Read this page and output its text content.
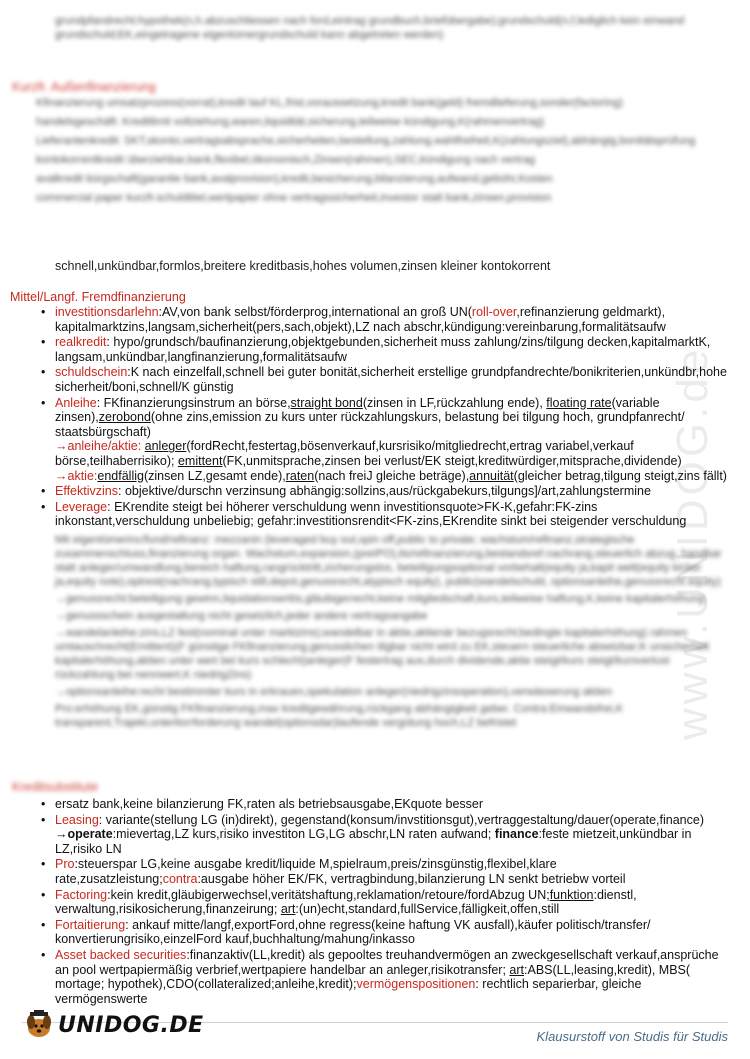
www.UNIDOG.de
grundpfandrecht:hypothek(n,h.abzuschliessen nach ford,eintrag grundbuch,briefübergabe);grundschuld(n,f,lediglich kein einwand grundschuld;EK,eingetragene eigentümergrundschuld kann abgetreten werden)
Kurzfr. Außenfinanzierung
Kfinanzierung umsatzprozess(vorrat),kredit lauf KL,frist,voraussetzung,kredit bank(geld) fremdlieferung,sonder(factoring)
handelsgeschäft: Kreditlimit vollziehung,waren,liquidität,sicherung,teilweise kündigung,K(rahmenvertrag)
Lieferantenkredit: SKT,skonto,vertragsabsprache,sicherheiten,bestellung,zahlung,wahlfreiheit,K(zahlungsziel),abhängig,bonitätsprüfung
kontokorrentkredit überziehbar,bank,flexibel,ökonomisch,Zinsen(rahmen),SEC,kündigung nach vertrag
avalkredit bürgschaft(garantie bank,avalprovision),kredit,besicherung,bilanzierung,aufwand,gebühr,Kosten
commercial paper kurzfr.schuldtitel,wertpapier ohne vertragssicherheit,investor statt bank,zinsen,provision
schnell,unkündbar,formlos,breitere kreditbasis,hohes volumen,zinsen kleiner kontokorrent
Mittel/Langf. Fremdfinanzierung
• investitionsdarlehn:AV,von bank selbst/förderprog,international an groß UN(roll-over,refinanzierung geldmarkt), kapitalmarktzins,langsam,sicherheit(pers,sach,objekt),LZ nach abschr,kündigung:vereinbarung,formalitätsaufw
• realkredit: hypo/grundsch/baufinanzierung,objektgebunden,sicherheit muss zahlung/zins/tilgung decken,kapitalmarktK, langsam,unkündbar,langfinanzierung,formalitätsaufw
• schuldschein:K nach einzelfall,schnell bei guter bonität,sicherheit erstellige grundpfandrechte/bonikriterien,unkündbr,hohe sicherheit/boni,schnell/K günstig
• Anleihe: FKfinanzierungsinstrum an börse,straight bond(zinsen in LF,rückzahlung ende), floating rate(variable zinsen),zerobond(ohne zins,emission zu kurs unter rückzahlungskurs, belastung bei tilgung hoch, grundpfanrecht/ staatsbürgschaft)
→anleihe/aktie: anleger(fordRecht,festertag,bösenverkauf,kursrisiko/mitgliedrecht,ertrag variabel,verkauf börse,teilhaberrisiko); emittent(FK,unmitsprache,zinsen bei verlust/EK steigt,kreditwürdiger,mitsprache,dividende)
→aktie:endfällig(zinsen LZ,gesamt ende),raten(nach freiJ gleiche beträge),annuität(gleicher betrag,tilgung steigt,zins fällt)
• Effektivzins: objektive/durschn verzinsung abhängig:sollzins,aus/rückgabekurs,tilgungs]/art,zahlungstermine
• Leverage: EKrendite steigt bei höherer verschuldung wenn investitionsquote>FK-K,gefahr:FK-zins inkonstant,verschuldung unbeliebig; gefahr:investitionsrendit<FK-zins,EKrendite sinkt bei steigender verschuldung
Mit eigentümerinc/fund/refinanz: mezzanin (leveraged buy out,spin off,public to private; wachstum/refinanz,strategische zusammenschluss,finanzierung organ. Wachstum,expansion,(preIPO),its/refinanzierung,bestandsref.nachrang,steuerlich abzug, handbar statt anleger/umwandlung,bereich haftung,rangrücktritt,zicherungslos, beteiligungsoptional vorbehalt(equity ja,kapit welt(equity kicker ja,equity note),optrest(nachrang,typisch still,depot,genussrecht,atypisch equity), public(wandelschuld, optionsanleihe,genussrecht equity)
→genussrecht:beteiligung gewinn,liquidationserlös,gläubigerrecht,keine mitgliedschaft,kurs,teilweise haftung,K,keine kapitalerhöhung
→genussschein ausgestaltung nicht gesetzlich,jeder andere vertragsangabe
→wandelanleihe:zins,LZ fest(nominal unter marktzins);wandelbar in aktie,aktienär bezugsrecht;bedingte kapitalerhöhung) rahmen umtauschrecht(Emittent)(F günstige FKfinanzierung,genusslichen tilgbar nicht wird zu EK,steuern steuerliche absetzbar;K unsicherheit kapitalerhöhung,aktien unter wert bei kurs schlecht)anleger(F festertrag aus,durch dividende,aktie steigt/kurs steigt/kursverlust rückzahlung bei nennwert,K niedrigZins)
→optionsanleihe:recht bestimmter kurs in erkrauen,spekulation anleger(niedrigzinsoperation),verwässerung aktien
Pro:erhöhung EK,günstig FKfinanzierung,max kreditgewährung,rückgang abhängigkeit geber. Contra:Einwandsfrei,K transparent,Trajekt,unterliorrforderung wandel(optionsdar)laufende vergütung hoch,LZ befristet
Kreditsubstitute
• ersatz bank,keine bilanzierung FK,raten als betriebsausgabe,EKquote besser
• Leasing: variante(stellung LG (in)direkt), gegenstand(konsum/invstitionsgut),vertraggestaltung/dauer(operate,finance)
→operate:mievertag,LZ kurs,risiko investiton LG,LG abschr,LN raten aufwand; finance:feste mietzeit,unkündbar in LZ,risiko LN
• Pro:steuerspar LG,keine ausgabe kredit/liquide M,spielraum,preis/zinsgünstig,flexibel,klare rate,zusatzleistung;contra:ausgabe höher EK/FK, vertragbindung,bilanzierung LN senkt betriebw vorteil
• Factoring:kein kredit,gläubigerwechsel,veritätshaftung,reklamation/retoure/fordAbzug UN;funktion:dienstl, verwaltung,risikosicherung,finanzeirung; art:(un)echt,standard,fullService,fälligkeit,offen,still
• Fortaitierung: ankauf mitte/langf,exportFord,ohne regress(keine haftung VK ausfall),käufer politisch/transfer/ konvertierungrisiko,einzelFord kauf,buchhaltung/mahung/inkasso
• Asset backed securities:finanzaktiv(LL,kredit) als gepooltes treuhandvermögen an zweckgesellschaft verkauf,ansprüche an pool wertpapiermäßig verbrief,wertpapiere handelbar an anleger,risikotransfer; art:ABS(LL,leasing,kredit), MBS( mortage; hypothek),CDO(collateralized;anleihe,kredit);vermögenspositionen: rechtlich separierbar, gleiche vermögenswerte
UNIDOG.DE	Klausurstoff von Studis für Studis
